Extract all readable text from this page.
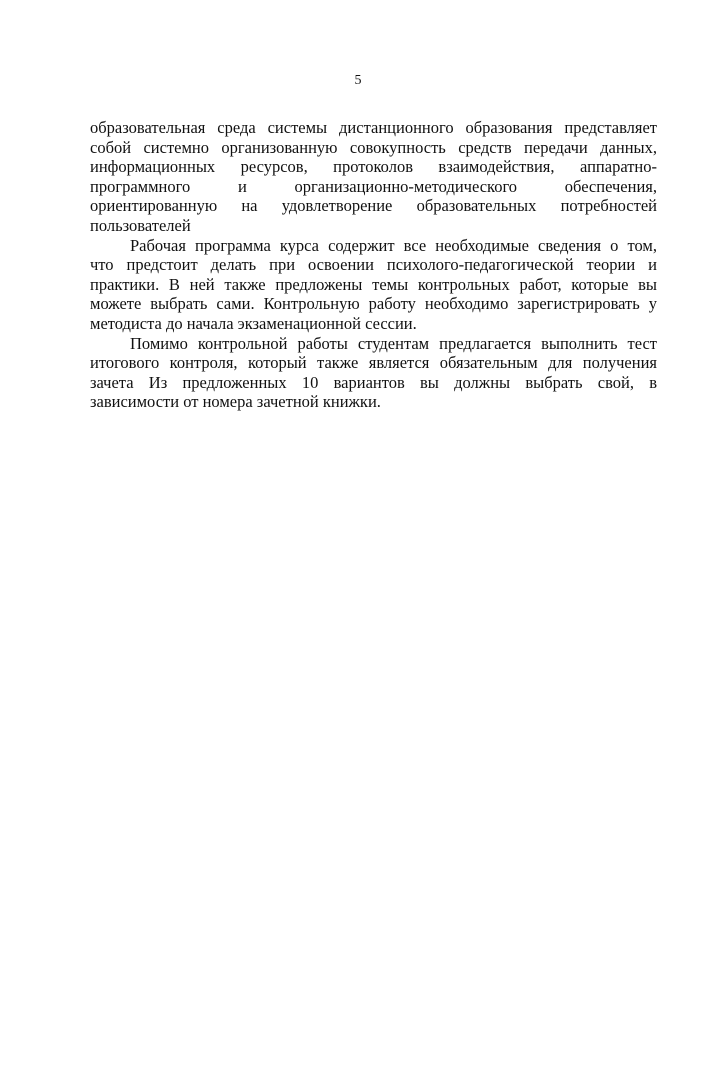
5
образовательная среда системы дистанционного образования представляет
собой системно организованную совокупность средств передачи данных,
информационных ресурсов, протоколов взаимодействия, аппаратно-
программного и организационно-методического обеспечения,
ориентированную на удовлетворение образовательных потребностей
пользователей
Рабочая программа курса содержит все необходимые сведения о том,
что предстоит делать при освоении психолого-педагогической теории и
практики. В ней также предложены темы контрольных работ, которые вы
можете выбрать сами. Контрольную работу необходимо зарегистрировать у
методиста до начала экзаменационной сессии.
Помимо контрольной работы студентам предлагается выполнить тест
итогового контроля, который также является обязательным для получения
зачета Из предложенных 10 вариантов вы должны выбрать свой, в
зависимости от номера зачетной книжки.
